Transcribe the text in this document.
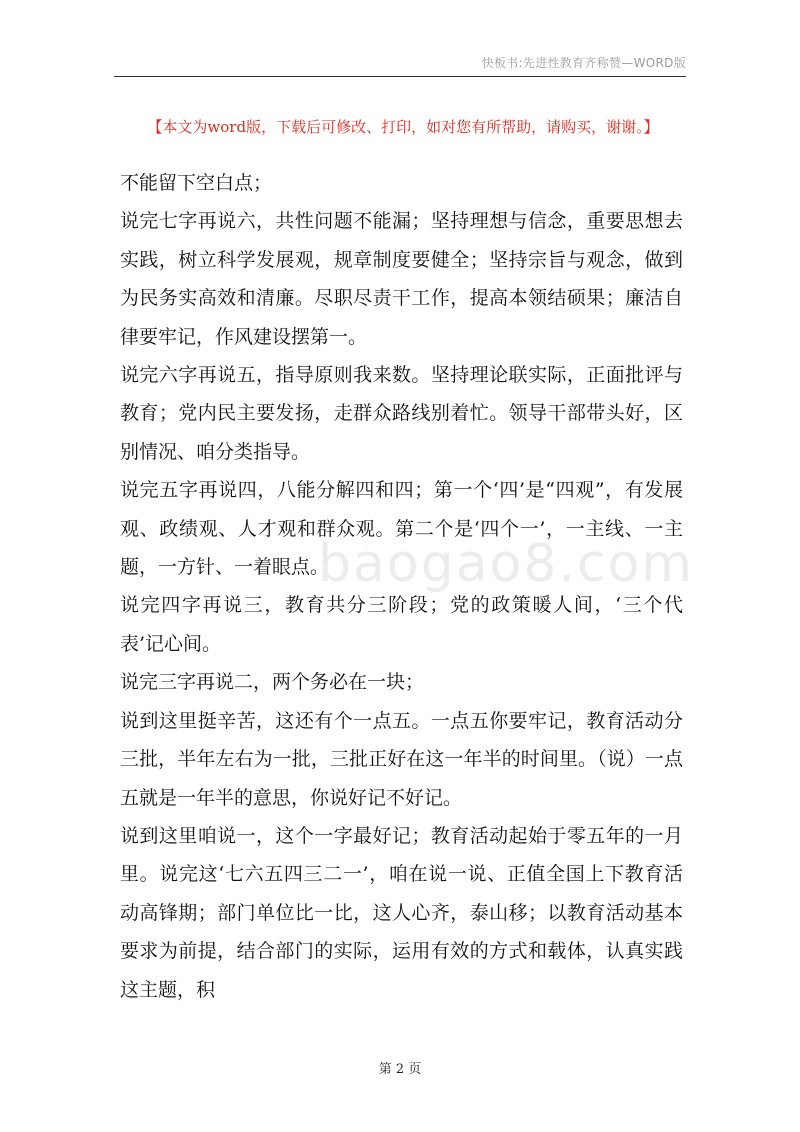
快板书:先进性教育齐称赞—WORD版
【本文为word版，下载后可修改、打印，如对您有所帮助，请购买，谢谢。】

不能留下空白点；

说完七字再说六，共性问题不能漏；坚持理想与信念，重要思想去实践，树立科学发展观，规章制度要健全；坚持宗旨与观念，做到为民务实高效和清廉。尽职尽责干工作，提高本领结硕果；廉洁自律要牢记，作风建设摆第一。

说完六字再说五，指导原则我来数。坚持理论联实际，正面批评与教育；党内民主要发扬，走群众路线别着忙。领导干部带头好，区别情况、咱分类指导。

说完五字再说四，八能分解四和四；第一个‘四’是“四观”，有发展观、政绩观、人才观和群众观。第二个是‘四个一’，一主线、一主题，一方针、一着眼点。

说完四字再说三，教育共分三阶段；党的政策暖人间，‘三个代表’记心间。

说完三字再说二，两个务必在一块；

说到这里挺辛苦，这还有个一点五。一点五你要牢记，教育活动分三批，半年左右为一批，三批正好在这一年半的时间里。（说）一点五就是一年半的意思，你说好记不好记。

说到这里咱说一，这个一字最好记；教育活动起始于零五年的一月里。说完这‘七六五四三二一’，咱在说一说、正值全国上下教育活动高锋期；部门单位比一比，这人心齐，泰山移；以教育活动基本要求为前提，结合部门的实际，运用有效的方式和载体，认真实践这主题，积

baogao8.com
第 2 页
